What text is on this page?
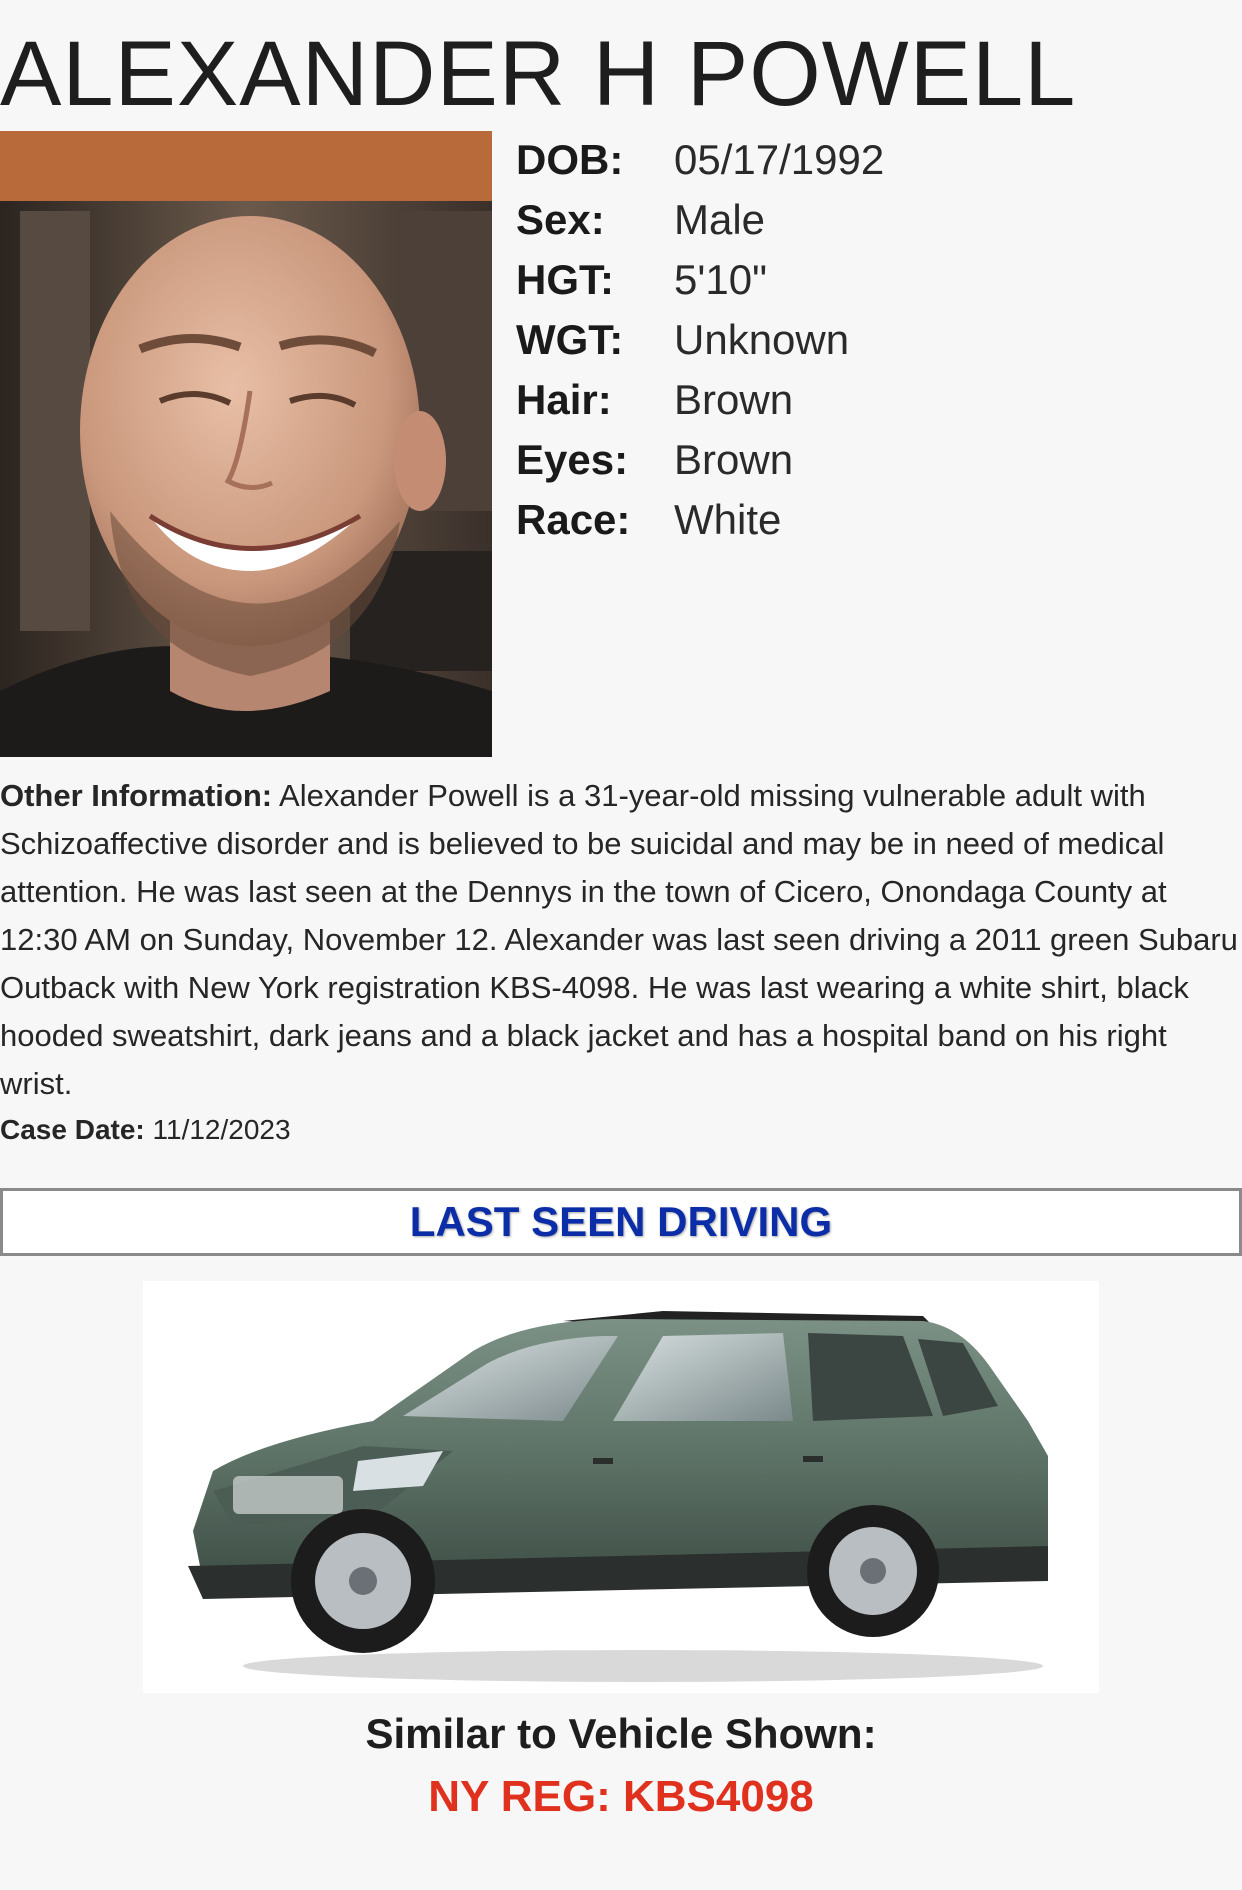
ALEXANDER H POWELL
DOB:	05/17/1992
Sex:	Male
HGT:	5'10"
WGT:	Unknown
Hair:	Brown
Eyes:	Brown
Race:	White
Other Information: Alexander Powell is a 31-year-old missing vulnerable adult with Schizoaffective disorder and is believed to be suicidal and may be in need of medical attention. He was last seen at the Dennys in the town of Cicero, Onondaga County at 12:30 AM on Sunday, November 12. Alexander was last seen driving a 2011 green Subaru Outback with New York registration KBS-4098. He was last wearing a white shirt, black hooded sweatshirt, dark jeans and a black jacket and has a hospital band on his right wrist.
Case Date: 11/12/2023
LAST SEEN DRIVING
Similar to Vehicle Shown:
NY REG: KBS4098
